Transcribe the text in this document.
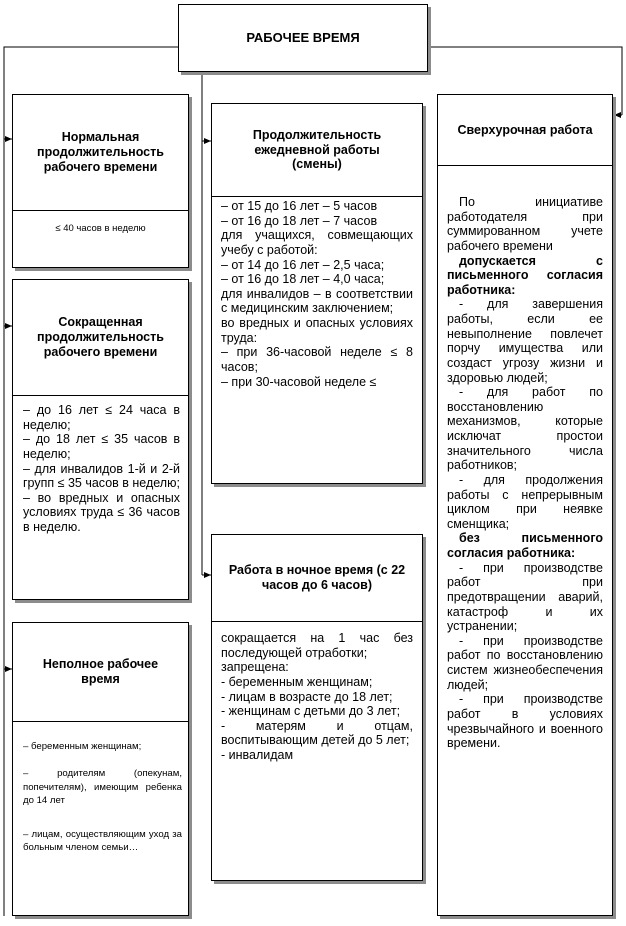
РАБОЧЕЕ ВРЕМЯ
Нормальная продолжительность рабочего времени
≤ 40 часов в неделю
Сокращенная продолжительность рабочего времени

– до 16 лет ≤ 24 часа в неделю;

– до 18 лет ≤ 35 часов в неделю;

– для инвалидов 1-й и 2-й групп ≤ 35 часов в неделю;

– во вредных и опасных условиях труда ≤ 36 часов в неделю.

Неполное рабочее время

– беременным женщинам;

– родителям (опекунам, попечителям), имеющим ребенка до 14 лет

– лицам, осуществляющим уход за больным членом семьи…

Продолжительность ежедневной работы (смены)

– от 15 до 16 лет – 5 часов

– от 16 до 18 лет – 7 часов

для учащихся, совмещающих учебу с работой:

– от 14 до 16 лет – 2,5 часа;

– от 16 до 18 лет – 4,0 часа;

для инвалидов – в соответствии с медицинским заключением;

во вредных и опасных условиях труда:

– при 36-часовой неделе ≤ 8 часов;

– при 30-часовой неделе ≤

Работа в ночное время (с 22 часов до 6 часов)

сокращается на 1 час без последующей отработки;

запрещена:

- беременным женщинам;

- лицам в возрасте до 18 лет;

- женщинам с детьми до 3 лет;

- матерям и отцам, воспитывающим детей до 5 лет;

- инвалидам

Сверхурочная работа

По инициативе работодателя при суммированном учете рабочего времени

допускается с письменного согласия работника:

- для завершения работы, если ее невыполнение повлечет порчу имущества или создаст угрозу жизни и здоровью людей;

- для работ по восстановлению механизмов, которые исключат простои значительного числа работников;

- для продолжения работы с непрерывным циклом при неявке сменщика;

без письменного согласия работника:

- при производстве работ при предотвращении аварий, катастроф и их устранении;

- при производстве работ по восстановлению систем жизнеобеспечения людей;

- при производстве работ в условиях чрезвычайного и военного времени.
